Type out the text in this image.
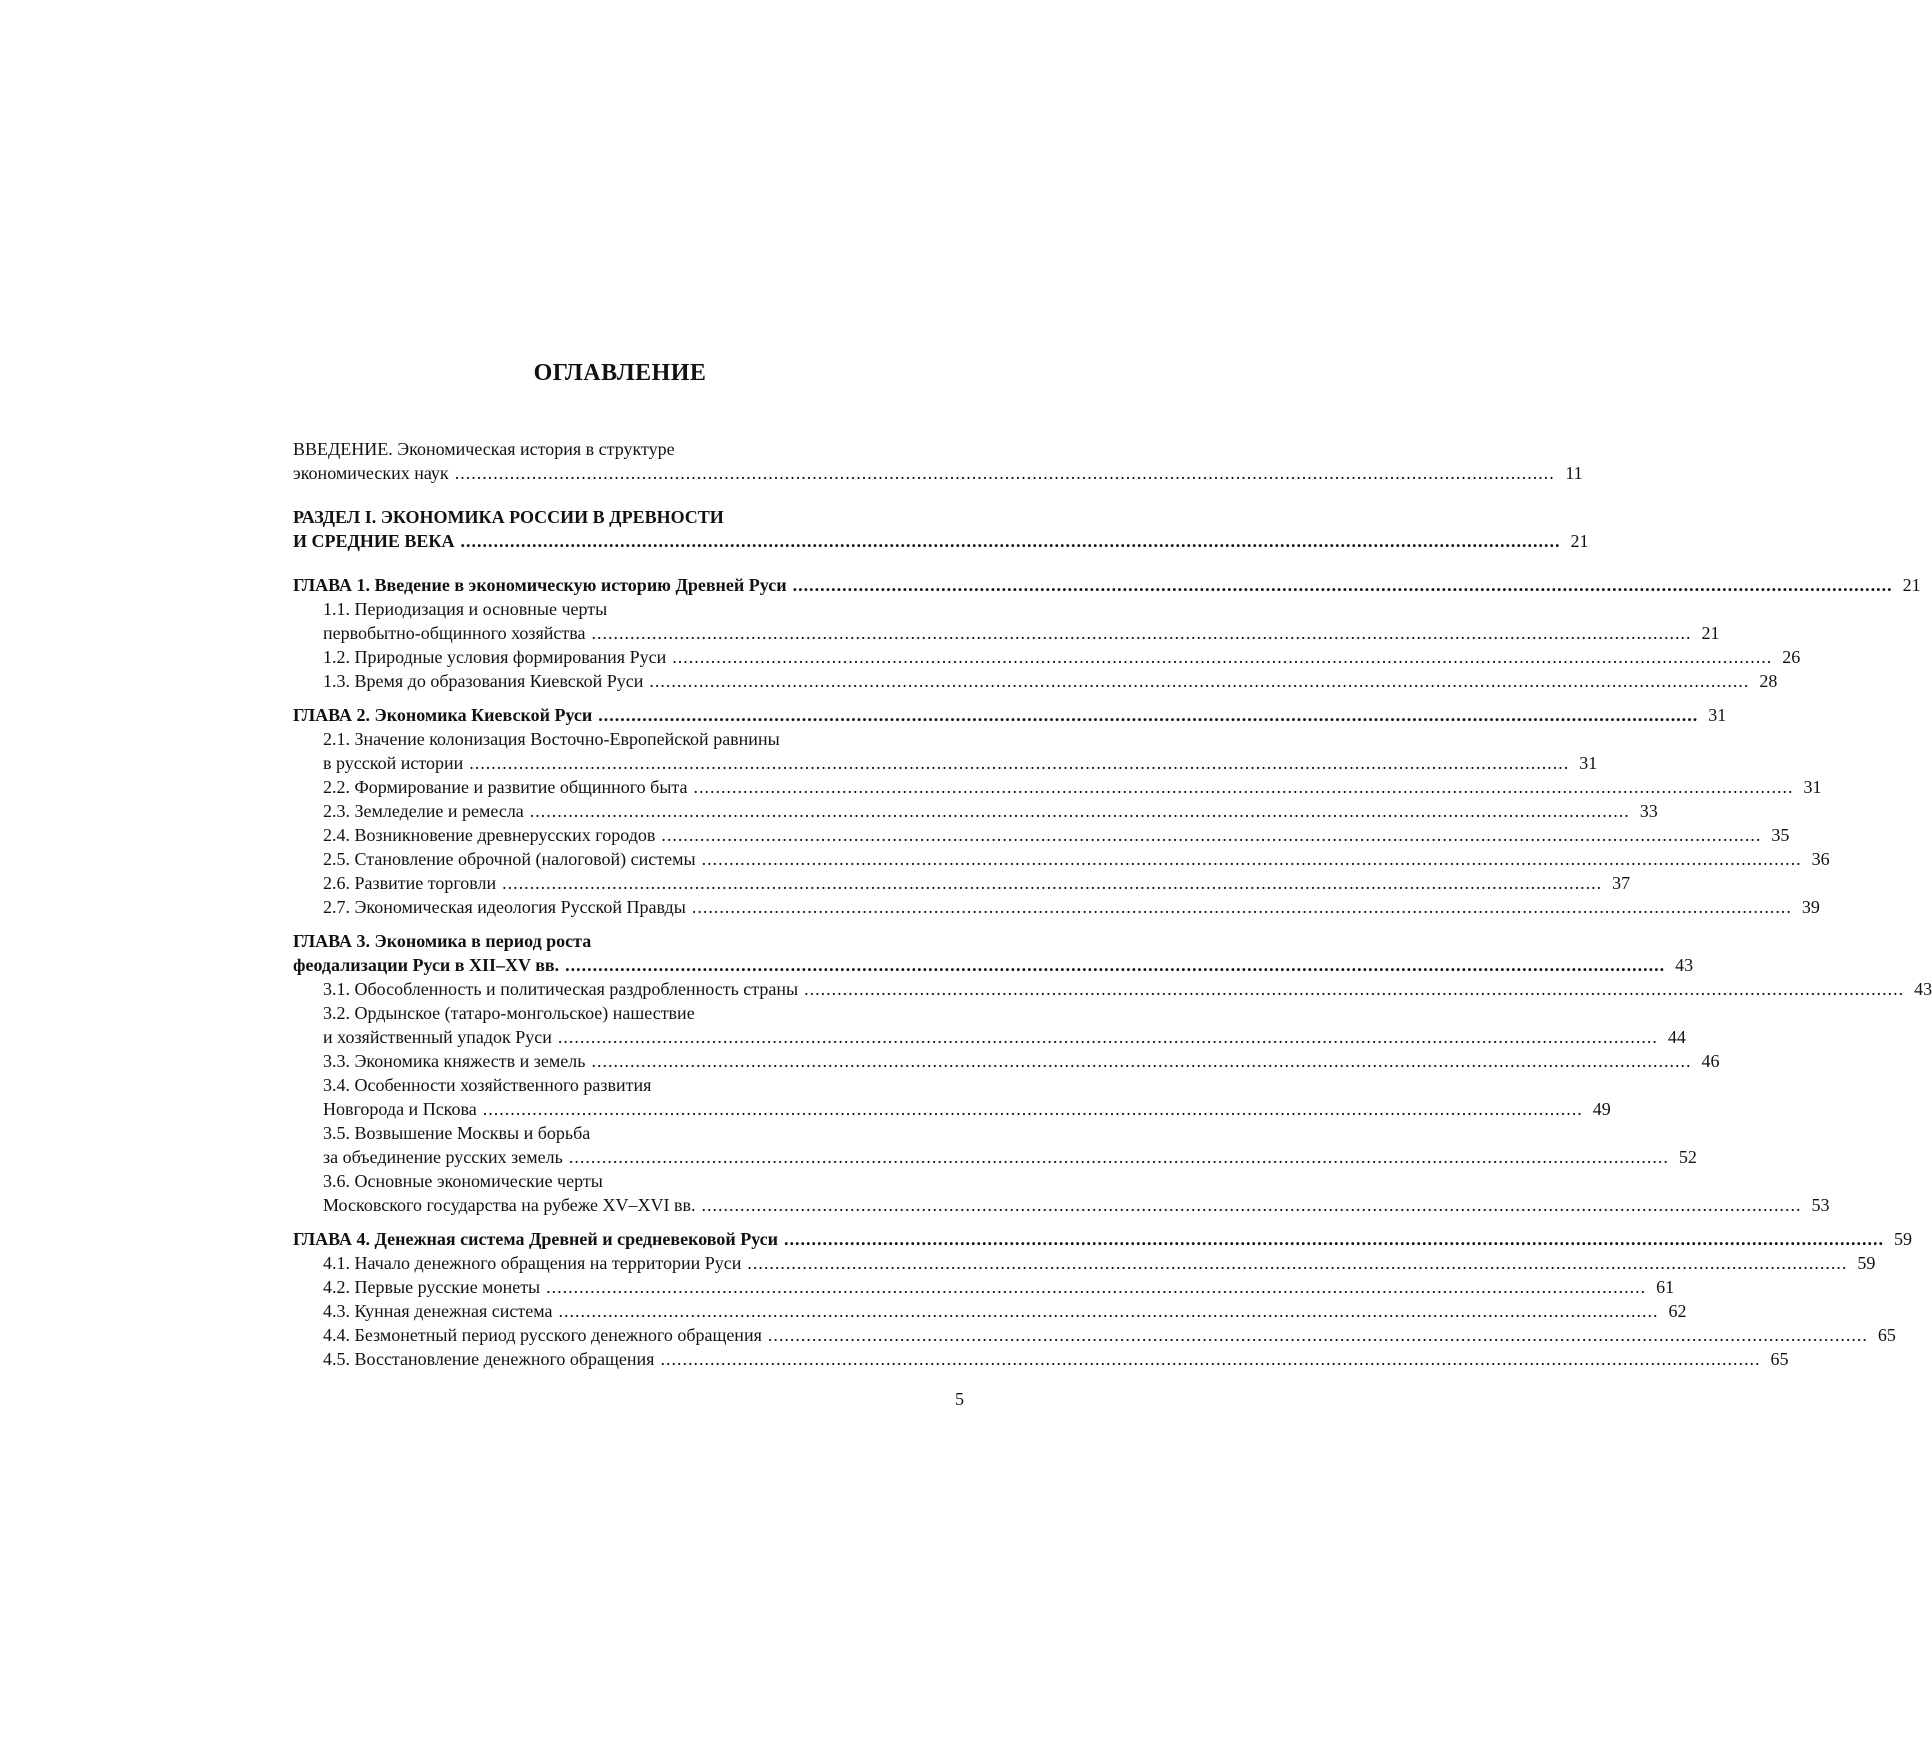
ОГЛАВЛЕНИЕ
ВВЕДЕНИЕ. Экономическая история в структуре
экономических наук ........................................................................................................................................................................................................ 11
РАЗДЕЛ I. ЭКОНОМИКА РОССИИ В ДРЕВНОСТИ
И СРЕДНИЕ ВЕКА ........................................................................................................................................................................................................ 21
ГЛАВА 1. Введение в экономическую историю Древней Руси ........................................................................................................................................................................................................ 21
1.1. Периодизация и основные черты
первобытно-общинного хозяйства ........................................................................................................................................................................................................ 21
1.2. Природные условия формирования Руси ........................................................................................................................................................................................................ 26
1.3. Время до образования Киевской Руси ........................................................................................................................................................................................................ 28
ГЛАВА 2. Экономика Киевской Руси ........................................................................................................................................................................................................ 31
2.1. Значение колонизация Восточно-Европейской равнины
в русской истории ........................................................................................................................................................................................................ 31
2.2. Формирование и развитие общинного быта ........................................................................................................................................................................................................ 31
2.3. Земледелие и ремесла ........................................................................................................................................................................................................ 33
2.4. Возникновение древнерусских городов ........................................................................................................................................................................................................ 35
2.5. Становление оброчной (налоговой) системы ........................................................................................................................................................................................................ 36
2.6. Развитие торговли ........................................................................................................................................................................................................ 37
2.7. Экономическая идеология Русской Правды ........................................................................................................................................................................................................ 39
ГЛАВА 3. Экономика в период роста
феодализации Руси в XII–XV вв. ........................................................................................................................................................................................................ 43
3.1. Обособленность и политическая раздробленность страны ........................................................................................................................................................................................................ 43
3.2. Ордынское (татаро-монгольское) нашествие
и хозяйственный упадок Руси ........................................................................................................................................................................................................ 44
3.3. Экономика княжеств и земель ........................................................................................................................................................................................................ 46
3.4. Особенности хозяйственного развития
Новгорода и Пскова ........................................................................................................................................................................................................ 49
3.5. Возвышение Москвы и борьба
за объединение русских земель ........................................................................................................................................................................................................ 52
3.6. Основные экономические черты
Московского государства на рубеже XV–XVI вв. ........................................................................................................................................................................................................ 53
ГЛАВА 4. Денежная система Древней и средневековой Руси ........................................................................................................................................................................................................ 59
4.1. Начало денежного обращения на территории Руси ........................................................................................................................................................................................................ 59
4.2. Первые русские монеты ........................................................................................................................................................................................................ 61
4.3. Кунная денежная система ........................................................................................................................................................................................................ 62
4.4. Безмонетный период русского денежного обращения ........................................................................................................................................................................................................ 65
4.5. Восстановление денежного обращения ........................................................................................................................................................................................................ 65
5
